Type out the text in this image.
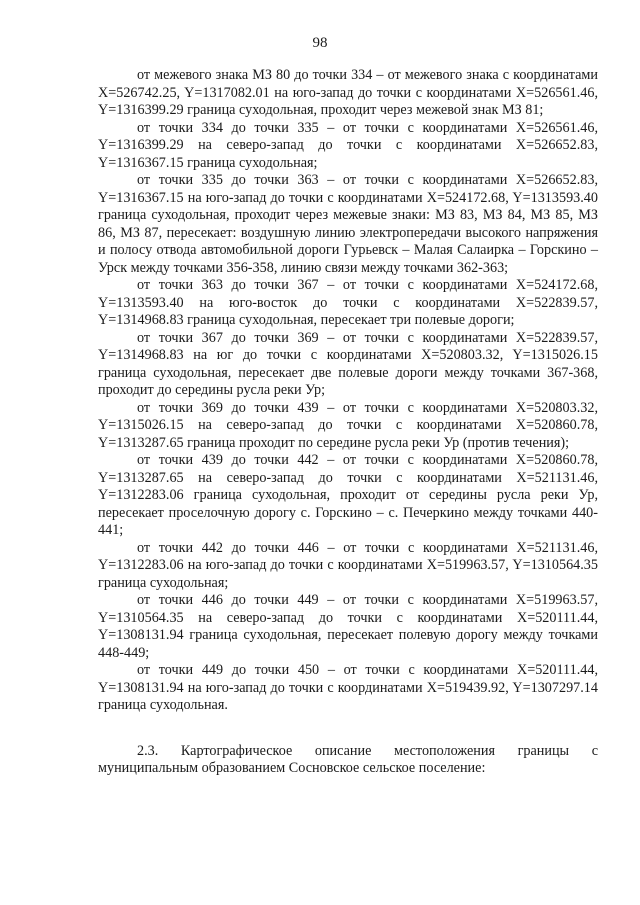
98

от межевого знака МЗ 80 до точки 334 – от межевого знака с координатами X=526742.25, Y=1317082.01 на юго-запад до точки с координатами X=526561.46, Y=1316399.29 граница суходольная, проходит через межевой знак МЗ 81;

от точки 334 до точки 335 – от точки с координатами X=526561.46, Y=1316399.29 на северо-запад до точки с координатами X=526652.83, Y=1316367.15 граница суходольная;

от точки 335 до точки 363 – от точки с координатами X=526652.83, Y=1316367.15 на юго-запад до точки с координатами X=524172.68, Y=1313593.40 граница суходольная, проходит через межевые знаки: МЗ 83, МЗ 84, МЗ 85, МЗ 86, МЗ 87, пересекает: воздушную линию электропередачи высокого напряжения и полосу отвода автомобильной дороги Гурьевск – Малая Салаирка – Горскино – Урск между точками 356-358, линию связи между точками 362-363;

от точки 363 до точки 367 – от точки с координатами X=524172.68, Y=1313593.40 на юго-восток до точки с координатами X=522839.57, Y=1314968.83 граница суходольная, пересекает три полевые дороги;

от точки 367 до точки 369 – от точки с координатами X=522839.57, Y=1314968.83 на юг до точки с координатами X=520803.32, Y=1315026.15 граница суходольная, пересекает две полевые дороги между точками 367-368, проходит до середины русла реки Ур;

от точки 369 до точки 439 – от точки с координатами X=520803.32, Y=1315026.15 на северо-запад до точки с координатами X=520860.78, Y=1313287.65 граница проходит по середине русла реки Ур (против течения);

от точки 439 до точки 442 – от точки с координатами X=520860.78, Y=1313287.65 на северо-запад до точки с координатами X=521131.46, Y=1312283.06 граница суходольная, проходит от середины русла реки Ур, пересекает проселочную дорогу с. Горскино – с. Печеркино между точками 440-441;

от точки 442 до точки 446 – от точки с координатами X=521131.46, Y=1312283.06 на юго-запад до точки с координатами X=519963.57, Y=1310564.35 граница суходольная;

от точки 446 до точки 449 – от точки с координатами X=519963.57, Y=1310564.35 на северо-запад до точки с координатами X=520111.44, Y=1308131.94 граница суходольная, пересекает полевую дорогу между точками 448-449;

от точки 449 до точки 450 – от точки с координатами X=520111.44, Y=1308131.94 на юго-запад до точки с координатами X=519439.92, Y=1307297.14 граница суходольная.

2.3. Картографическое описание местоположения границы с муниципальным образованием Сосновское сельское поселение:
